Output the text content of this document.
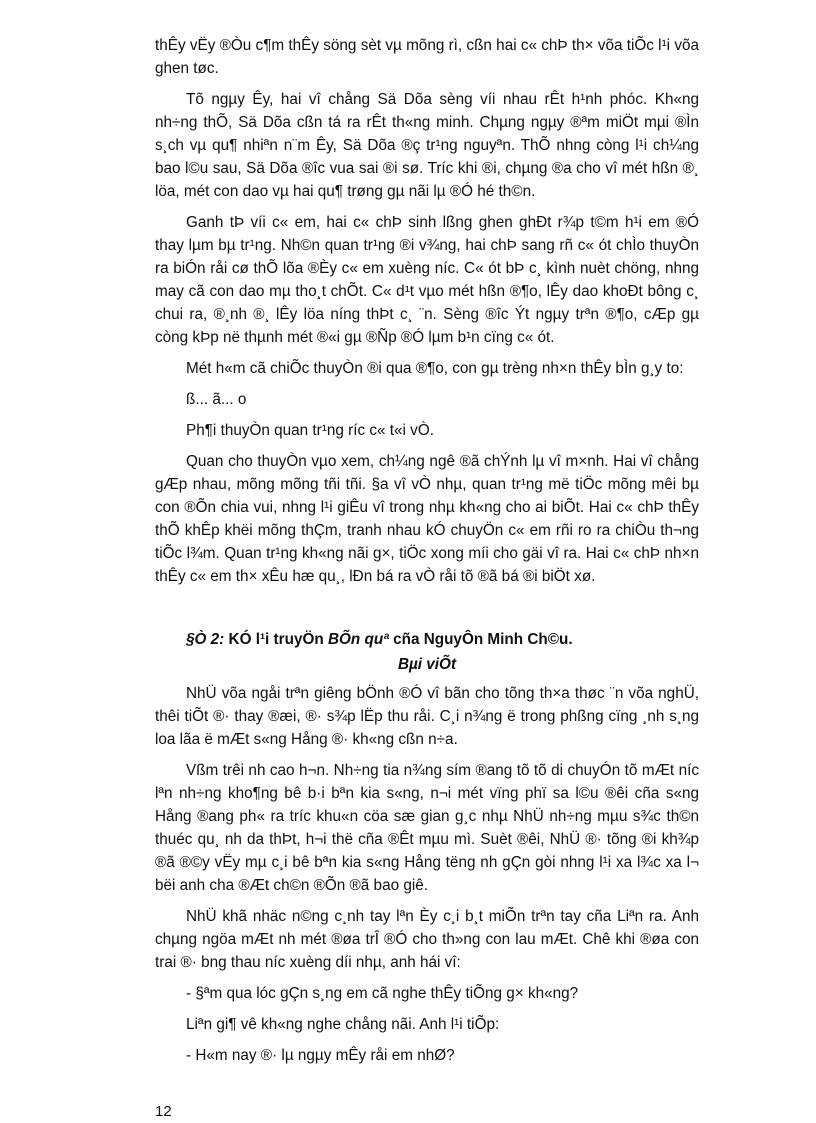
thÊy vËy ®Òu c¶m thÊy söng sèt vµ mõng rì, cßn hai c« chÞ th× võa tiÕc l¹i võa ghen tøc.

Tõ ngµy Êy, hai vî chång Sä Dõa sèng víi nhau rÊt h¹nh phóc. Kh«ng nh÷ng thÕ, Sä Dõa cßn tá ra rÊt th«ng minh. Chµng ngµy ®ªm miÖt mµi ®Ìn s¸ch vµ qu¶ nhiªn n¨m Êy, Sä Dõa ®ç tr¹ng nguyªn. ThÕ nhng còng l¹i ch¼ng bao l©u sau, Sä Dõa ®îc vua sai ®i sø. Tríc khi ®i, chµng ®a cho vî mét hßn ®¸ löa, mét con dao vµ hai qu¶ trøng gµ nãi lµ ®Ó hé th©n.

Ganh tÞ víi c« em, hai c« chÞ sinh lßng ghen ghÐt r¾p t©m h¹i em ®Ó thay lµm bµ tr¹ng. Nh©n quan tr¹ng ®i v¾ng, hai chÞ sang rñ c« ót chÌo thuyÒn ra biÓn råi cø thÕ lõa ®Èy c« em xuèng níc. C« ót bÞ c¸ kình nuèt chöng, nhng may cã con dao mµ tho¸t chÕt. C« d¹t vµo mét hßn ®¶o, lÊy dao khoÐt bông c¸ chui ra, ®¸nh ®¸ lÊy löa níng thÞt c¸ ¨n. Sèng ®îc Ýt ngµy trªn ®¶o, cÆp gµ còng kÞp në thµnh mét ®«i gµ ®Ñp ®Ó lµm b¹n cïng c« ót.

Mét h«m cã chiÕc thuyÒn ®i qua ®¶o, con gµ trèng nh×n thÊy bÌn g¸y to:

ß... ã... o

Ph¶i thuyÒn quan tr¹ng ríc c« t«i vÒ.

Quan cho thuyÒn vµo xem, ch¼ng ngê ®ã chÝnh lµ vî m×nh. Hai vî chång gÆp nhau, mõng mõng tñi tñi. §a vî vÒ nhµ, quan tr¹ng më tiÖc mõng mêi bµ con ®Õn chia vui, nhng l¹i giÊu vî trong nhµ kh«ng cho ai biÕt. Hai c« chÞ thÊy thÕ khÊp khëi mõng thÇm, tranh nhau kÓ chuyÖn c« em rñi ro ra chiÒu th¬ng tiÕc l¾m. Quan tr¹ng kh«ng nãi g×, tiÖc xong míi cho gäi vî ra. Hai c« chÞ nh×n thÊy c« em th× xÊu hæ qu¸, lÐn bá ra vÒ råi tõ ®ã bá ®i biÖt xø.

§Ò 2: KÓ l¹i truyÖn BÕn quª cña NguyÔn Minh Ch©u.
Bµi viÕt

NhÜ võa ngåi trªn giêng bÖnh ®Ó vî bãn cho tõng th×a thøc ¨n võa nghÜ, thêi tiÕt ®· thay ®æi, ®· s¾p lËp thu råi. C¸i n¾ng ë trong phßng cïng ¸nh s¸ng loa lãa ë mÆt s«ng Hång ®· kh«ng cßn n÷a.

Vßm trêi nh cao h¬n. Nh÷ng tia n¾ng sím ®ang tõ tõ di chuyÓn tõ mÆt níc lªn nh÷ng kho¶ng bê b·i bªn kia s«ng, n¬i mét vïng phï sa l©u ®êi cña s«ng Hång ®ang ph« ra tríc khu«n cöa sæ gian g¸c nhµ NhÜ nh÷ng mµu s¾c th©n thuéc qu¸ nh da thÞt, h¬i thë cña ®Êt mµu mì. Suèt ®êi, NhÜ ®· tõng ®i kh¾p ®ã ®©y vËy mµ c¸i bê bªn kia s«ng Hång tëng nh gÇn gòi nhng l¹i xa l¾c xa l¬ bëi anh cha ®Æt ch©n ®Õn ®ã bao giê.

NhÜ khã nhäc n©ng c¸nh tay lªn Èy c¸i b¸t miÕn trªn tay cña Liªn ra. Anh chµng ngöa mÆt nh mét ®øa trÎ ®Ó cho th»ng con lau mÆt. Chê khi ®øa con trai ®· bng thau níc xuèng díi nhµ, anh hái vî:

- §ªm qua lóc gÇn s¸ng em cã nghe thÊy tiÕng g× kh«ng?

Liªn gi¶ vê kh«ng nghe chång nãi. Anh l¹i tiÕp:

- H«m nay ®· lµ ngµy mÊy råi em nhØ?

12
